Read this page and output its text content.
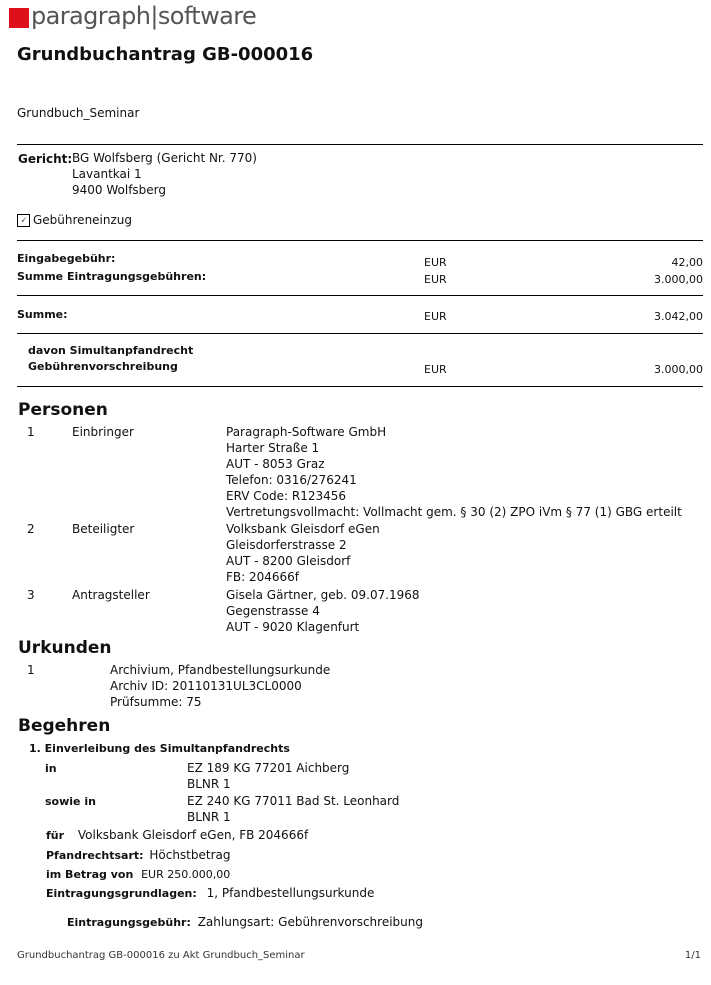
paragraph | software
Grundbuchantrag GB-000016
Grundbuch_Seminar
Gericht: BG Wolfsberg (Gericht Nr. 770)
Lavantkai 1
9400 Wolfsberg
🗸 Gebühreneinzug
Eingabegebühr:	EUR	42,00
Summe Eintragungsgebühren:	EUR	3.000,00
Summe:	EUR	3.042,00
davon Simultanpfandrecht
Gebührenvorschreibung	EUR	3.000,00
Personen
1	Einbringer	Paragraph-Software GmbH
Harter Straße 1
AUT - 8053 Graz
Telefon: 0316/276241
ERV Code: R123456
Vertretungsvollmacht: Vollmacht gem. § 30 (2) ZPO iVm § 77 (1) GBG erteilt
2	Beteiligter	Volksbank Gleisdorf eGen
Gleisdorferstrasse 2
AUT - 8200 Gleisdorf
FB: 204666f
3	Antragsteller	Gisela Gärtner, geb. 09.07.1968
Gegenstrasse 4
AUT - 9020 Klagenfurt
Urkunden
1	Archivium, Pfandbestellungsurkunde
Archiv ID: 20110131UL3CL0000
Prüfsumme: 75
Begehren
1. Einverleibung des Simultanpfandrechts
in	EZ 189 KG 77201 Aichberg
BLNR 1
sowie in	EZ 240 KG 77011 Bad St. Leonhard
BLNR 1
für Volksbank Gleisdorf eGen, FB 204666f
Pfandrechtsart: Höchstbetrag
im Betrag von EUR 250.000,00
Eintragungsgrundlagen: 1, Pfandbestellungsurkunde
Eintragungsgebühr: Zahlungsart: Gebührenvorschreibung
Grundbuchantrag GB-000016 zu Akt Grundbuch_Seminar	1/1
